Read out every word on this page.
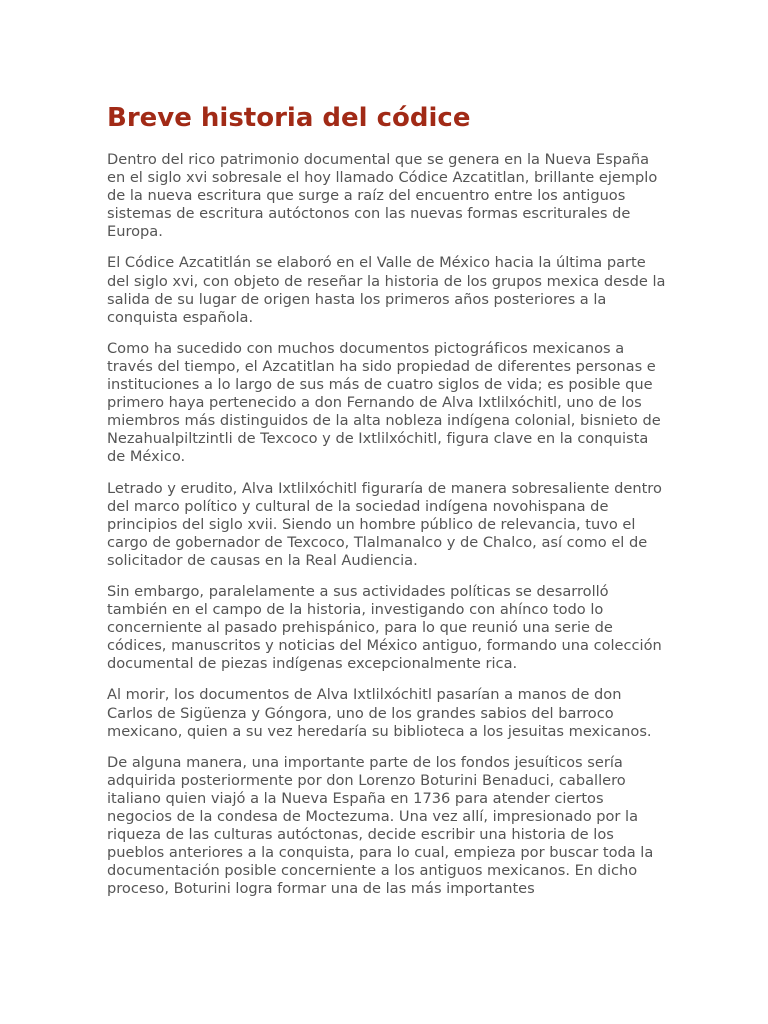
Breve historia del códice

Dentro del rico patrimonio documental que se genera en la Nueva España en el siglo xvi sobresale el hoy llamado Códice Azcatitlan, brillante ejemplo de la nueva escritura que surge a raíz del encuentro entre los antiguos sistemas de escritura autóctonos con las nuevas formas escriturales de Europa.

El Códice Azcatitlán se elaboró en el Valle de México hacia la última parte del siglo xvi, con objeto de reseñar la historia de los grupos mexica desde la salida de su lugar de origen hasta los primeros años posteriores a la conquista española.

Como ha sucedido con muchos documentos pictográficos mexicanos a través del tiempo, el Azcatitlan ha sido propiedad de diferentes personas e instituciones a lo largo de sus más de cuatro siglos de vida; es posible que primero haya pertenecido a don Fernando de Alva Ixtlilxóchitl, uno de los miembros más distinguidos de la alta nobleza indígena colonial, bisnieto de Nezahualpiltzintli de Texcoco y de Ixtlilxóchitl, figura clave en la conquista de México.

Letrado y erudito, Alva Ixtlilxóchitl figuraría de manera sobresaliente dentro del marco político y cultural de la sociedad indígena novohispana de principios del siglo xvii. Siendo un hombre público de relevancia, tuvo el cargo de gobernador de Texcoco, Tlalmanalco y de Chalco, así como el de solicitador de causas en la Real Audiencia.

Sin embargo, paralelamente a sus actividades políticas se desarrolló también en el campo de la historia, investigando con ahínco todo lo concerniente al pasado prehispánico, para lo que reunió una serie de códices, manuscritos y noticias del México antiguo, formando una colección documental de piezas indígenas excepcionalmente rica.

Al morir, los documentos de Alva Ixtlilxóchitl pasarían a manos de don Carlos de Sigüenza y Góngora, uno de los grandes sabios del barroco mexicano, quien a su vez heredaría su biblioteca a los jesuitas mexicanos.

De alguna manera, una importante parte de los fondos jesuíticos sería adquirida posteriormente por don Lorenzo Boturini Benaduci, caballero italiano quien viajó a la Nueva España en 1736 para atender ciertos negocios de la condesa de Moctezuma. Una vez allí, impresionado por la riqueza de las culturas autóctonas, decide escribir una historia de los pueblos anteriores a la conquista, para lo cual, empieza por buscar toda la documentación posible concerniente a los antiguos mexicanos. En dicho proceso, Boturini logra formar una de las más importantes
